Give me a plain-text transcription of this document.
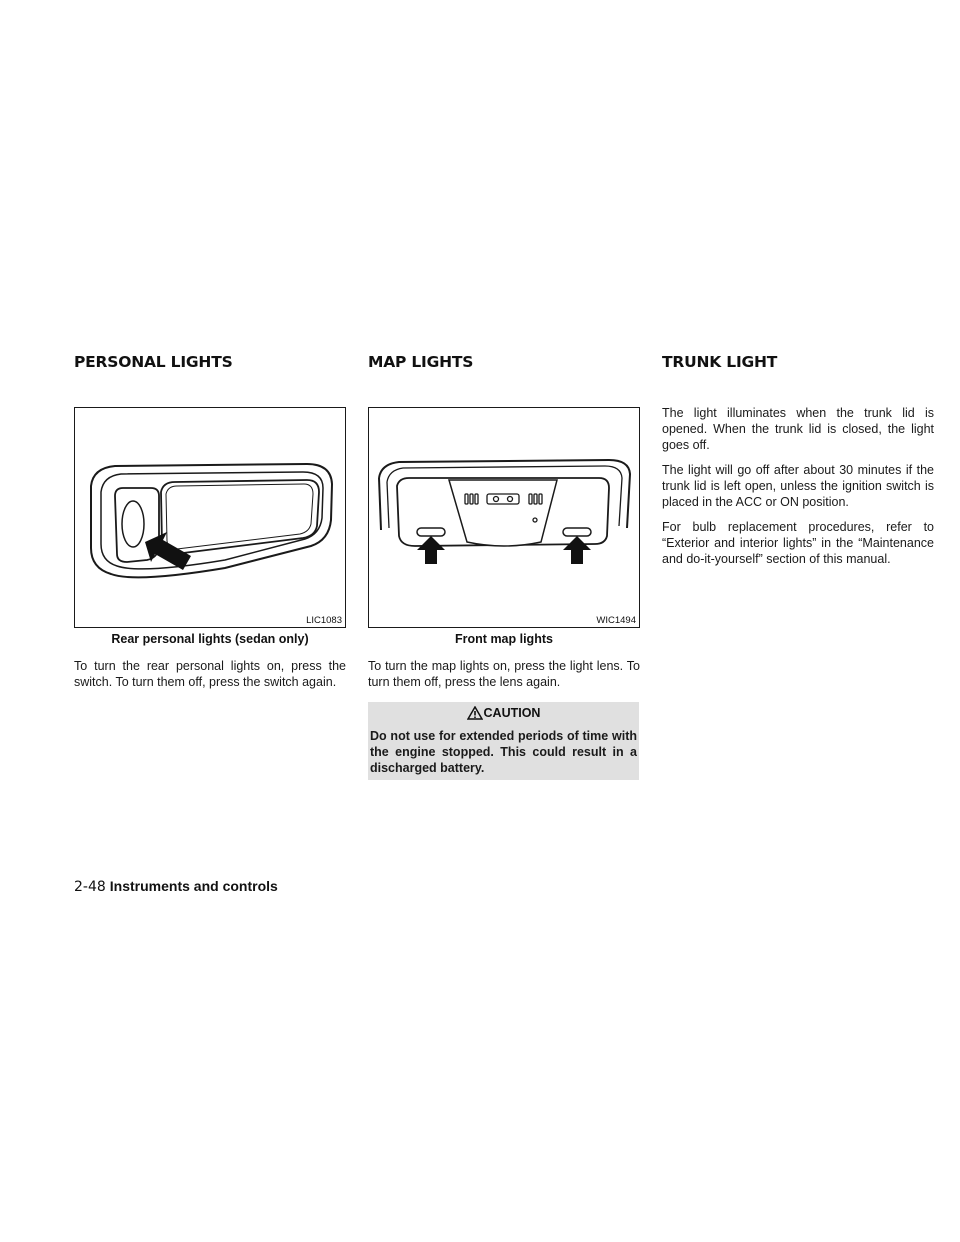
PERSONAL LIGHTS
LIC1083
Rear personal lights (sedan only)

To turn the rear personal lights on, press the switch. To turn them off, press the switch again.

MAP LIGHTS
WIC1494
Front map lights

To turn the map lights on, press the light lens. To turn them off, press the lens again.

CAUTION
Do not use for extended periods of time with the engine stopped. This could result in a discharged battery.
TRUNK LIGHT

The light illuminates when the trunk lid is opened. When the trunk lid is closed, the light goes off.

The light will go off after about 30 minutes if the trunk lid is left open, unless the ignition switch is placed in the ACC or ON position.

For bulb replacement procedures, refer to “Exterior and interior lights” in the “Maintenance and do-it-yourself” section of this manual.

2-48 Instruments and controls
